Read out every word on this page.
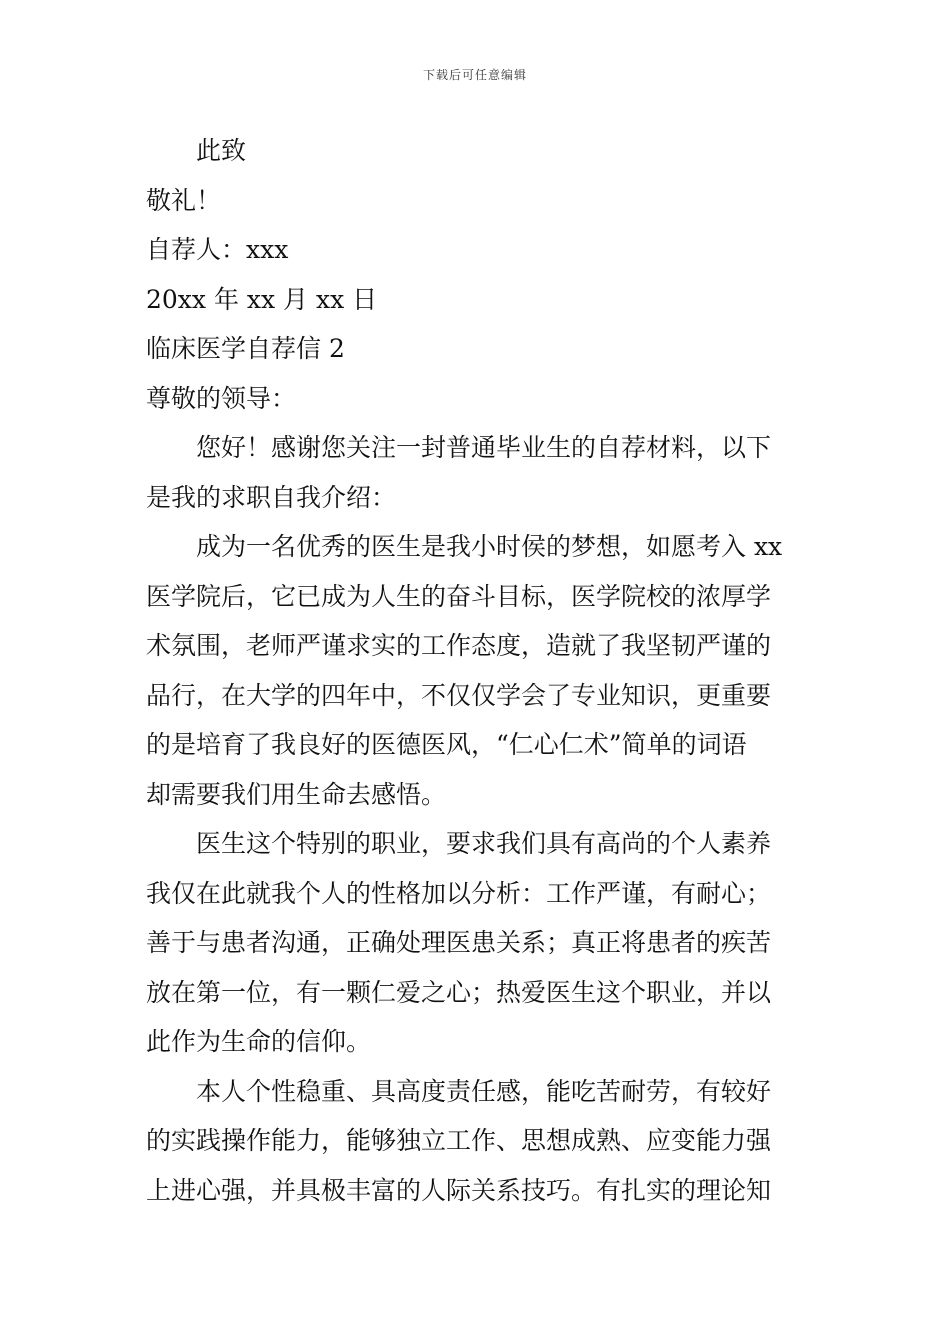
下载后可任意编辑
此致
敬礼！
自荐人：xxx
20xx 年 xx 月 xx 日
临床医学自荐信 2
尊敬的领导：
您好！感谢您关注一封普通毕业生的自荐材料，以下
是我的求职自我介绍：
成为一名优秀的医生是我小时侯的梦想，如愿考入 xx
医学院后，它已成为人生的奋斗目标，医学院校的浓厚学
术氛围，老师严谨求实的工作态度，造就了我坚韧严谨的
品行，在大学的四年中，不仅仅学会了专业知识，更重要
的是培育了我良好的医德医风，“仁心仁术”简单的词语
却需要我们用生命去感悟。
医生这个特别的职业，要求我们具有高尚的个人素养
我仅在此就我个人的性格加以分析：工作严谨，有耐心；
善于与患者沟通，正确处理医患关系；真正将患者的疾苦
放在第一位，有一颗仁爱之心；热爱医生这个职业，并以
此作为生命的信仰。
本人个性稳重、具高度责任感，能吃苦耐劳，有较好
的实践操作能力，能够独立工作、思想成熟、应变能力强
上进心强，并具极丰富的人际关系技巧。有扎实的理论知
